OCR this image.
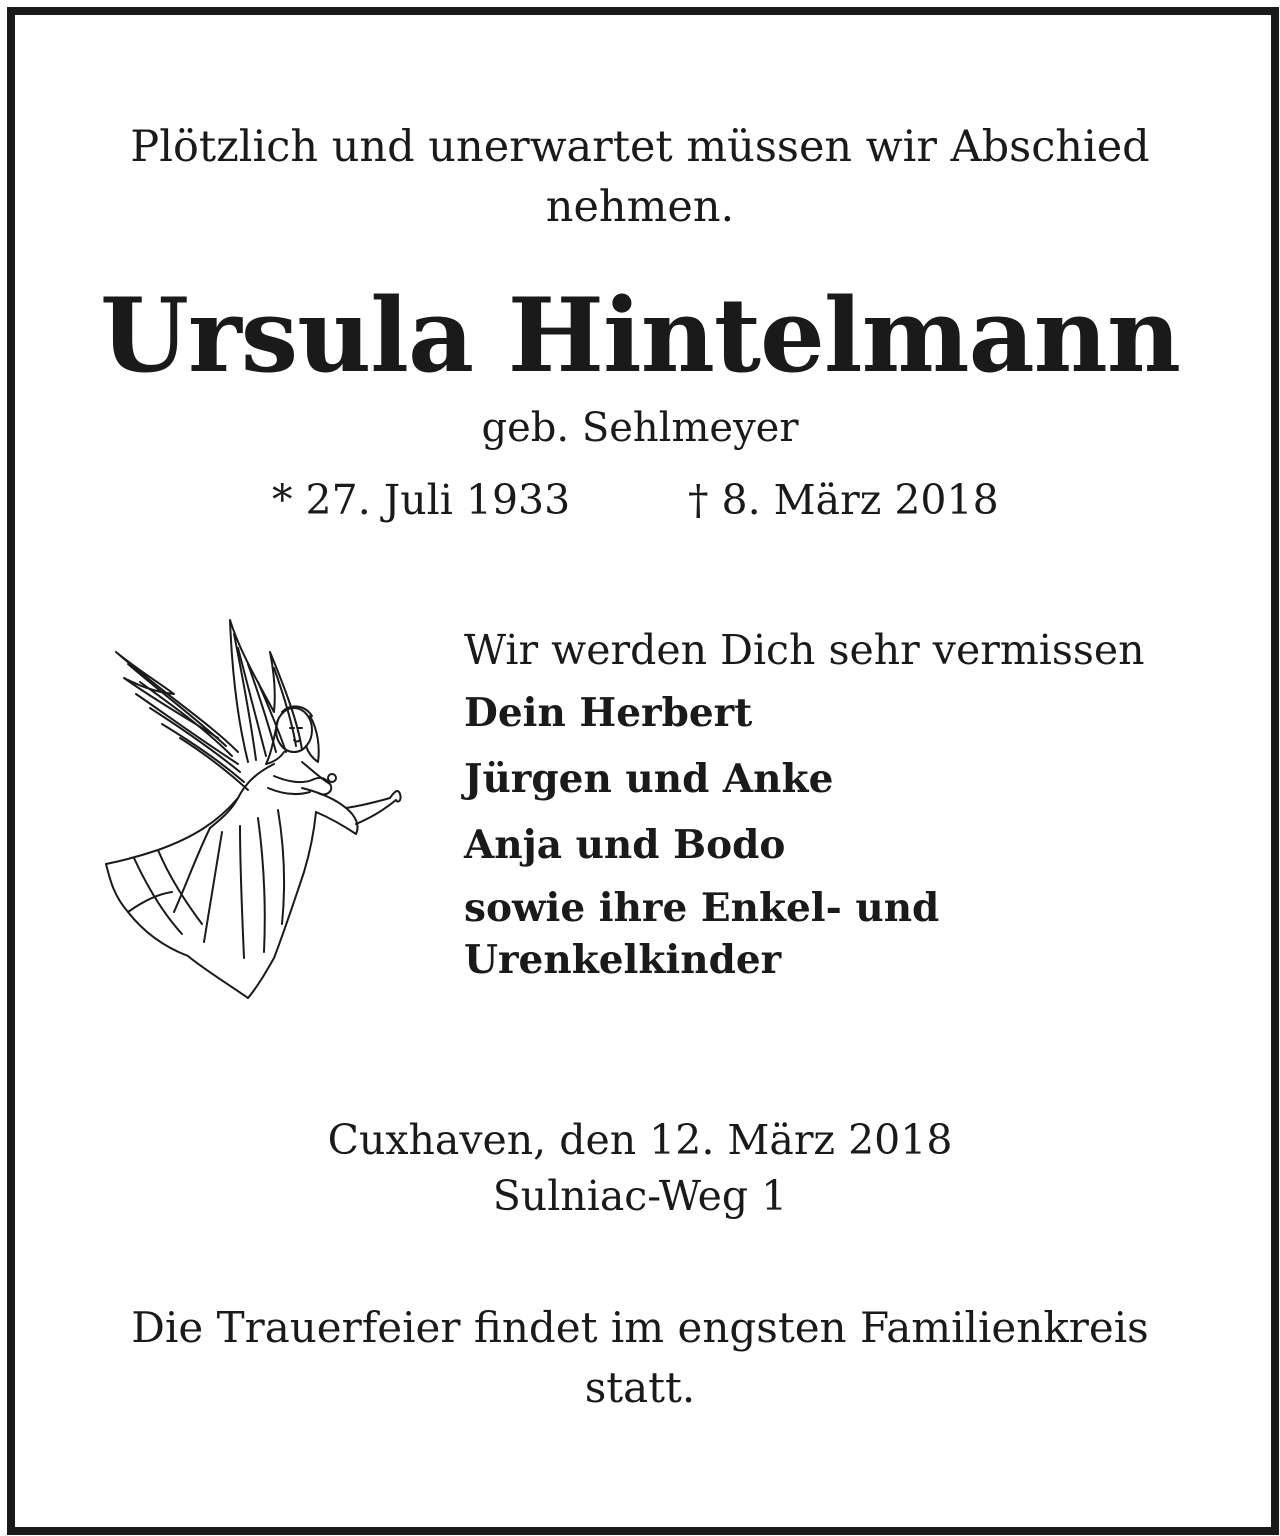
Plötzlich und unerwartet müssen wir Abschied nehmen.
Ursula Hintelmann
geb. Sehlmeyer
* 27. Juli 1933	† 8. März 2018
Wir werden Dich sehr vermissen
Dein Herbert
Jürgen und Anke
Anja und Bodo
sowie ihre Enkel- und Urenkelkinder
Cuxhaven, den 12. März 2018
Sulniac-Weg 1
Die Trauerfeier findet im engsten Familienkreis statt.
